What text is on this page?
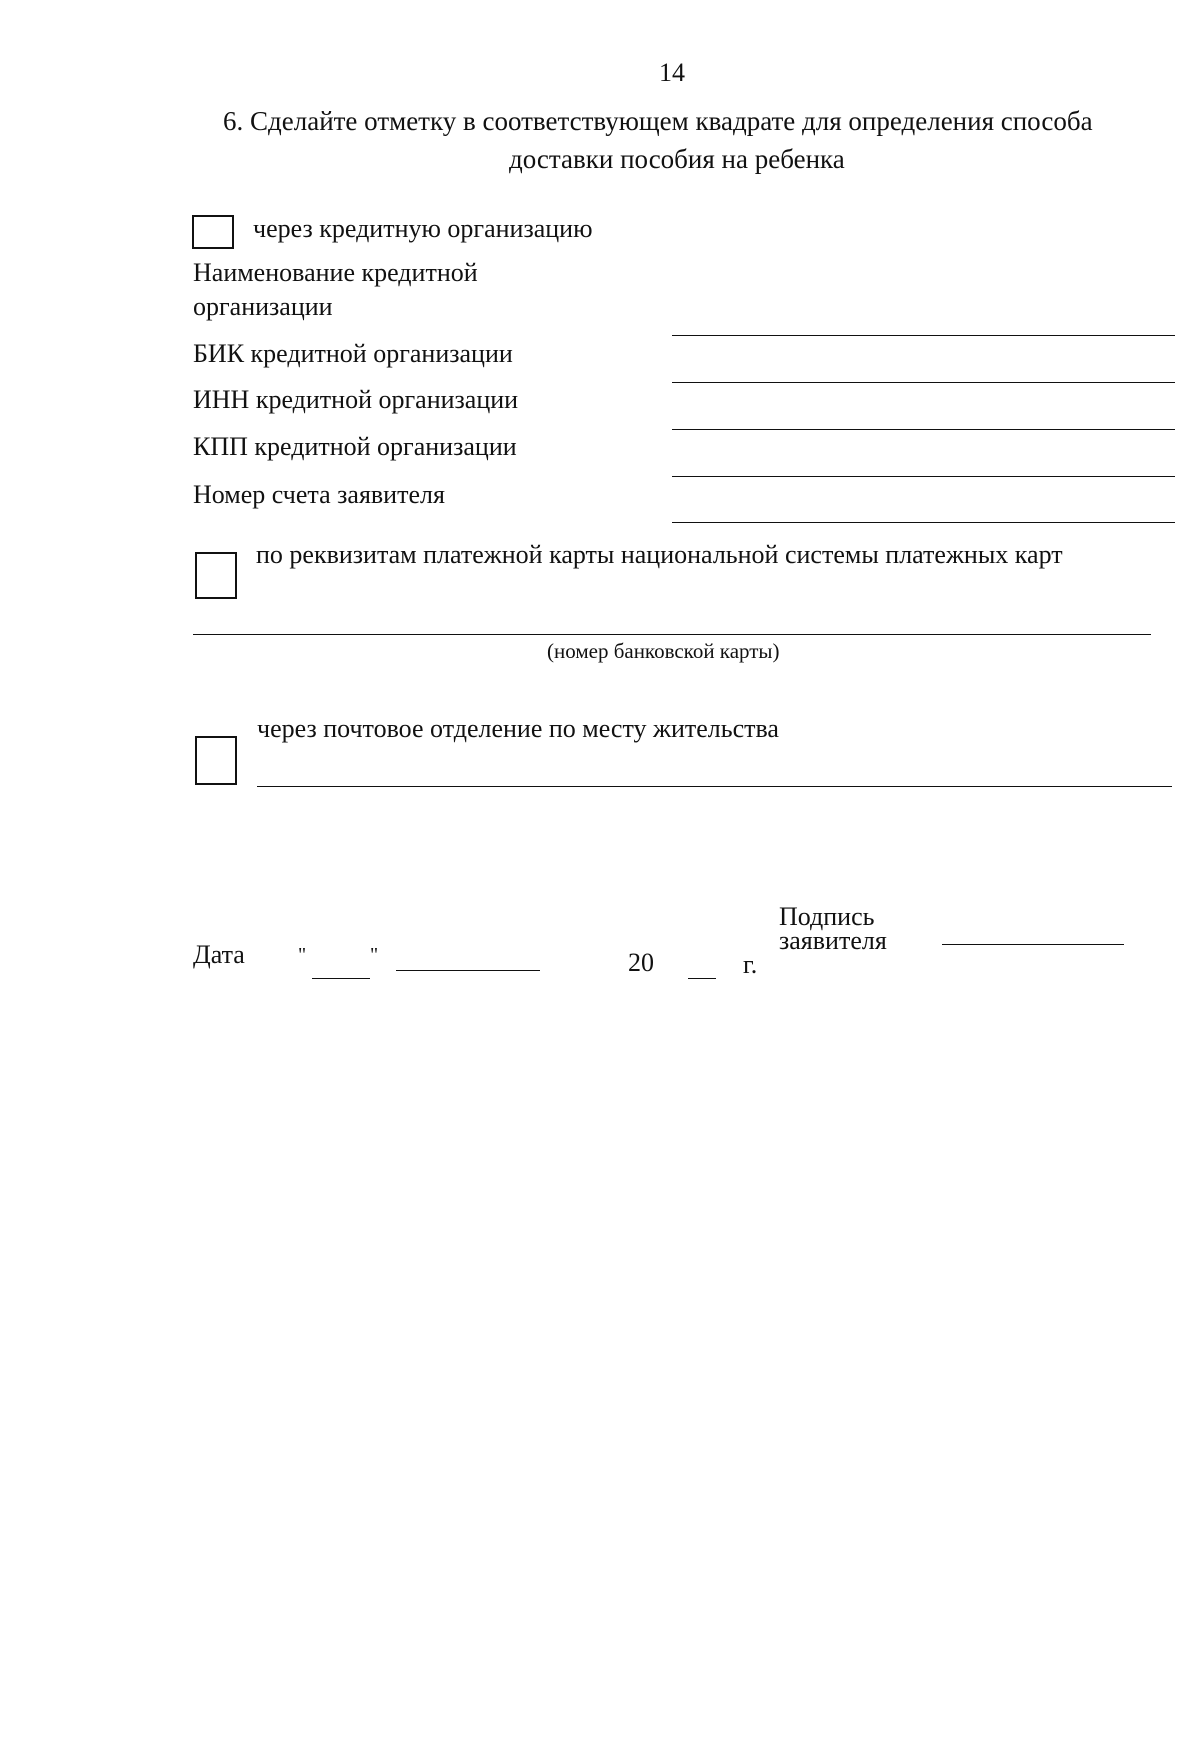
14
6. Сделайте отметку в соответствующем квадрате для определения способа
доставки пособия на ребенка
через кредитную организацию
Наименование кредитной
организации
БИК кредитной организации
ИНН кредитной организации
КПП кредитной организации
Номер счета заявителя
по реквизитам платежной карты национальной системы платежных карт
(номер банковской карты)
через почтовое отделение по месту жительства
Дата	"	"	20	г.
Подпись
заявителя
